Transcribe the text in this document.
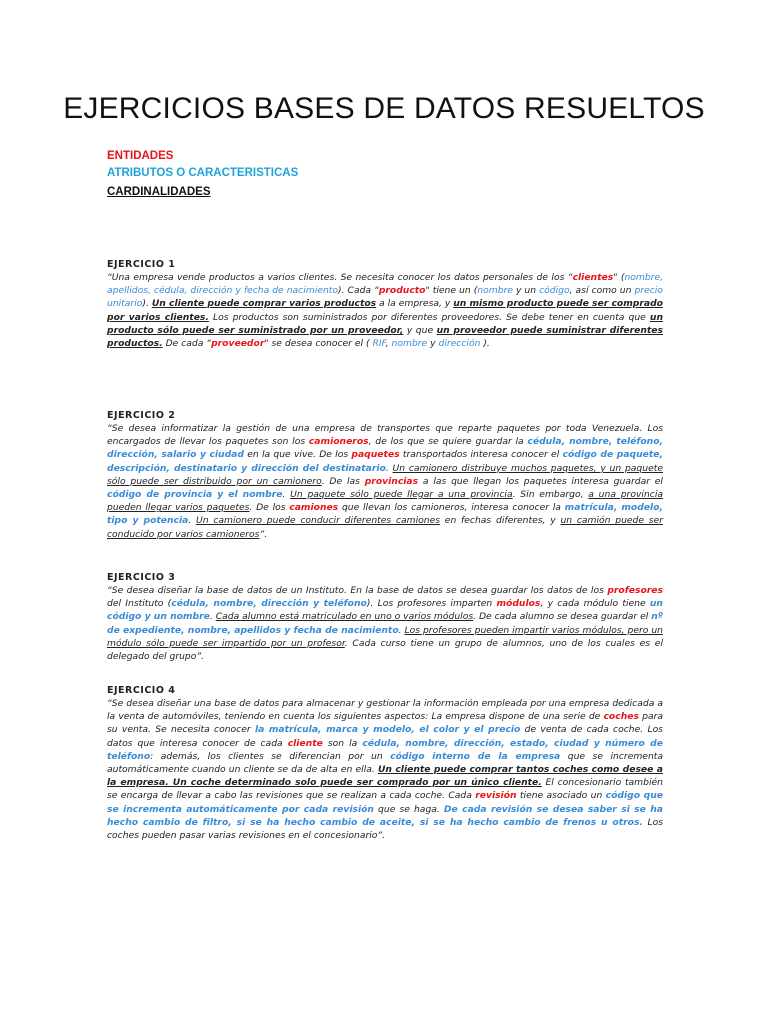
EJERCICIOS BASES DE DATOS RESUELTOS
ENTIDADES
ATRIBUTOS O CARACTERISTICAS
CARDINALIDADES
EJERCICIO 1

“Una empresa vende productos a varios clientes. Se necesita conocer los datos personales de los “clientes" (nombre, apellidos, cédula, dirección y fecha de nacimiento). Cada “producto" tiene un (nombre y un código, así como un precio unitario). Un cliente puede comprar varios productos a la empresa, y un mismo producto puede ser comprado por varios clientes. Los productos son suministrados por diferentes proveedores. Se debe tener en cuenta que un producto sólo puede ser suministrado por un proveedor, y que un proveedor puede suministrar diferentes productos. De cada “proveedor" se desea conocer el ( RIF, nombre y dirección ).

EJERCICIO 2

“Se desea informatizar la gestión de una empresa de transportes que reparte paquetes por toda Venezuela. Los encargados de llevar los paquetes son los camioneros, de los que se quiere guardar la cédula, nombre, teléfono, dirección, salario y ciudad en la que vive. De los paquetes transportados interesa conocer el código de paquete, descripción, destinatario y dirección del destinatario. Un camionero distribuye muchos paquetes, y un paquete sólo puede ser distribuido por un camionero. De las provincias a las que llegan los paquetes interesa guardar el código de provincia y el nombre. Un paquete sólo puede llegar a una provincia. Sin embargo, a una provincia pueden llegar varios paquetes. De los camiones que llevan los camioneros, interesa conocer la matrícula, modelo, tipo y potencia. Un camionero puede conducir diferentes camiones en fechas diferentes, y un camión puede ser conducido por varios camioneros”.

EJERCICIO 3

“Se desea diseñar la base de datos de un Instituto. En la base de datos se desea guardar los datos de los profesores del Instituto (cédula, nombre, dirección y teléfono). Los profesores imparten módulos, y cada módulo tiene un código y un nombre. Cada alumno está matriculado en uno o varios módulos. De cada alumno se desea guardar el nº de expediente, nombre, apellidos y fecha de nacimiento. Los profesores pueden impartir varios módulos, pero un módulo sólo puede ser impartido por un profesor. Cada curso tiene un grupo de alumnos, uno de los cuales es el delegado del grupo”.

EJERCICIO 4

“Se desea diseñar una base de datos para almacenar y gestionar la información empleada por una empresa dedicada a la venta de automóviles, teniendo en cuenta los siguientes aspectos: La empresa dispone de una serie de coches para su venta. Se necesita conocer la matrícula, marca y modelo, el color y el precio de venta de cada coche. Los datos que interesa conocer de cada cliente son la cédula, nombre, dirección, estado, ciudad y número de teléfono: además, los clientes se diferencian por un código interno de la empresa que se incrementa automáticamente cuando un cliente se da de alta en ella. Un cliente puede comprar tantos coches como desee a la empresa. Un coche determinado solo puede ser comprado por un único cliente. El concesionario también se encarga de llevar a cabo las revisiones que se realizan a cada coche. Cada revisión tiene asociado un código que se incrementa automáticamente por cada revisión que se haga. De cada revisión se desea saber si se ha hecho cambio de filtro, si se ha hecho cambio de aceite, si se ha hecho cambio de frenos u otros. Los coches pueden pasar varias revisiones en el concesionario”.
